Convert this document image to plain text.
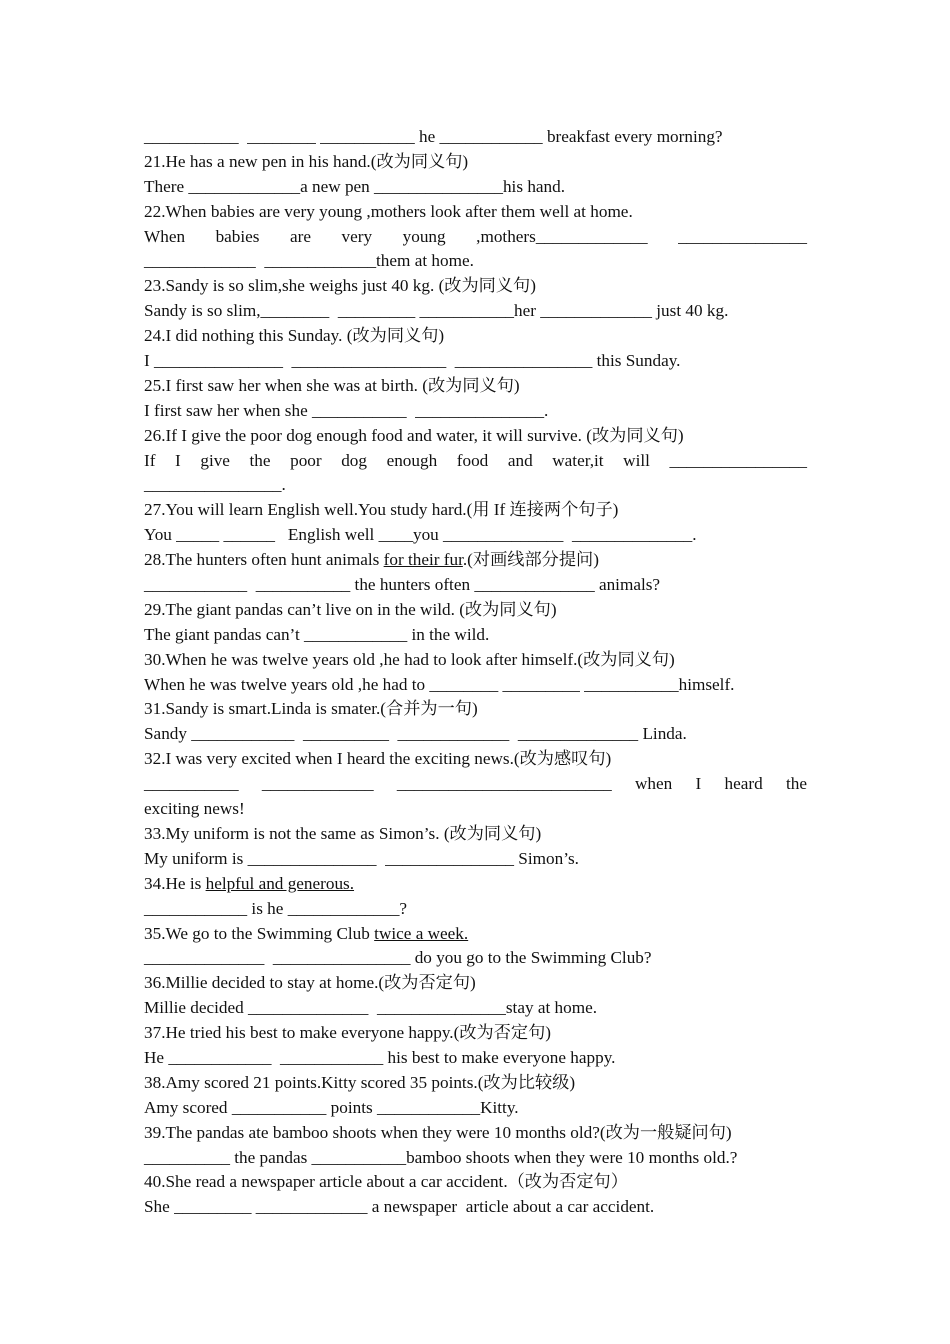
___________  ________ ___________ he ____________ breakfast every morning?
21.He has a new pen in his hand.(改为同义句)
There _____________a new pen _______________his hand.
22.When babies are very young ,mothers look after them well at home.
When babies are very young ,mothers_____________ _______________
_____________  _____________them at home.
23.Sandy is so slim,she weighs just 40 kg. (改为同义句)
Sandy is so slim,________  _________ ___________her _____________ just 40 kg.
24.I did nothing this Sunday. (改为同义句)
I _______________  __________________  ________________ this Sunday.
25.I first saw her when she was at birth. (改为同义句)
I first saw her when she ___________  _______________.
26.If I give the poor dog enough food and water, it will survive. (改为同义句)
If I give the poor dog enough food and water,it will ________________
________________.
27.You will learn English well.You study hard.(用 If 连接两个句子)
You _____ ______   English well ____you ______________  ______________.
28.The hunters often hunt animals for their fur.(对画线部分提问)
____________  ___________ the hunters often ______________ animals?
29.The giant pandas can’t live on in the wild. (改为同义句)
The giant pandas can’t ____________ in the wild.
30.When he was twelve years old ,he had to look after himself.(改为同义句)
When he was twelve years old ,he had to ________ _________ ___________himself.
31.Sandy is smart.Linda is smater.(合并为一句)
Sandy ____________  __________  _____________  ______________ Linda.
32.I was very excited when I heard the exciting news.(改为感叹句)
___________ _____________ _________________________ when I heard the
exciting news!
33.My uniform is not the same as Simon’s. (改为同义句)
My uniform is _______________  _______________ Simon’s.
34.He is helpful and generous.
____________ is he _____________?
35.We go to the Swimming Club twice a week.
______________  ________________ do you go to the Swimming Club?
36.Millie decided to stay at home.(改为否定句)
Millie decided ______________  _______________stay at home.
37.He tried his best to make everyone happy.(改为否定句)
He ____________  ____________ his best to make everyone happy.
38.Amy scored 21 points.Kitty scored 35 points.(改为比较级)
Amy scored ___________ points ____________Kitty.
39.The pandas ate bamboo shoots when they were 10 months old?(改为一般疑问句)
__________ the pandas ___________bamboo shoots when they were 10 months old.?
40.She read a newspaper article about a car accident.（改为否定句）
She _________ _____________ a newspaper  article about a car accident.
